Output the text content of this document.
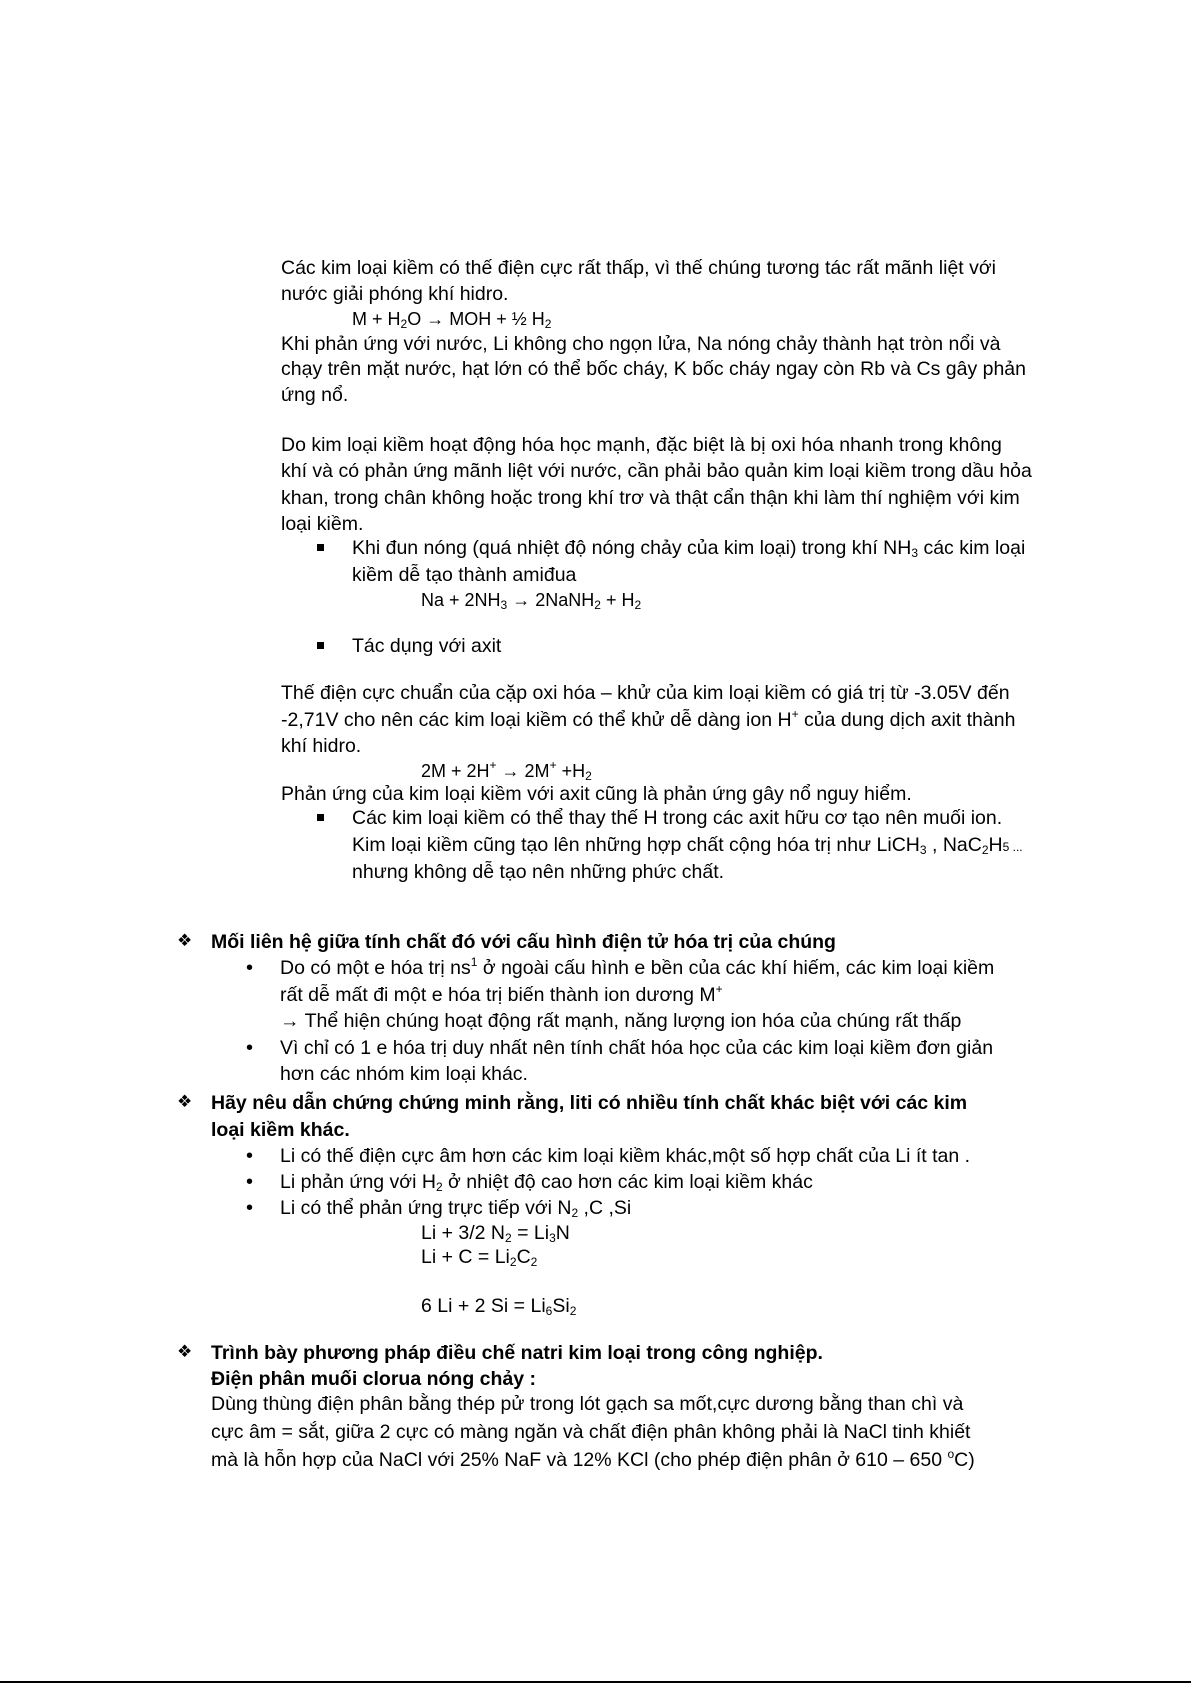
Các kim loại kiềm có thế điện cực rất thấp, vì thế chúng tương tác rất mãnh liệt với
nước giải phóng khí hidro.
$M + H_2O$ → MOH + ½ $H_2$
Khi phản ứng với nước, Li không cho ngọn lửa, Na nóng chảy thành hạt tròn nổi và
chạy trên mặt nước, hạt lớn có thể bốc cháy, K bốc cháy ngay còn Rb và Cs gây phản
ứng nổ.
Do kim loại kiềm hoạt động hóa học mạnh, đặc biệt là bị oxi hóa nhanh trong không
khí và có phản ứng mãnh liệt với nước, cần phải bảo quản kim loại kiềm trong dầu hỏa
khan, trong chân không hoặc trong khí trơ và thật cẩn thận khi làm thí nghiệm với kim
loại kiềm.
Khi đun nóng (quá nhiệt độ nóng chảy của kim loại) trong khí $NH_3$ các kim loại
kiềm dễ tạo thành amiđua
$Na + 2NH_3$ → 2NaNH$_2$ + $H_2$
Tác dụng với axit
Thế điện cực chuẩn của cặp oxi hóa – khử của kim loại kiềm có giá trị từ -3.05V đến
-2,71V cho nên các kim loại kiềm có thể khử dễ dàng ion H+ của dung dịch axit thành
khí hidro.
$2M + 2H^+ \to 2M^+ +H_2$
Phản ứng của kim loại kiềm với axit cũng là phản ứng gây nổ nguy hiểm.
Các kim loại kiềm có thể thay thế H trong các axit hữu cơ tạo nên muối ion.
Kim loại kiềm cũng tạo lên những hợp chất cộng hóa trị như LiCH$_3$ , NaC$_2$H5 ...
nhưng không dễ tạo nên những phức chất.
❖ Mối liên hệ giữa tính chất đó với cấu hình điện tử hóa trị của chúng
• Do có một e hóa trị $ns^1$ ở ngoài cấu hình e bền của các khí hiếm, các kim loại kiềm
rất dễ mất đi một e hóa trị biến thành ion dương M+
→ Thể hiện chúng hoạt động rất mạnh, năng lượng ion hóa của chúng rất thấp
• Vì chỉ có 1 e hóa trị duy nhất nên tính chất hóa học của các kim loại kiềm đơn giản
hơn các nhóm kim loại khác.
❖ Hãy nêu dẫn chứng chứng minh rằng, liti có nhiều tính chất khác biệt với các kim
loại kiềm khác.
• Li có thế điện cực âm hơn các kim loại kiềm khác,một số hợp chất của Li ít tan .
• Li phản ứng với $H_2$ ở nhiệt độ cao hơn các kim loại kiềm khác
• Li có thể phản ứng trực tiếp với $N_2$ ,C ,Si
Li + 3/2 $N_2 = Li_3N$
$Li + C = Li_2C_2$
6 Li + 2 $Si = Li_6Si_2$
❖ Trình bày phương pháp điều chế natri kim loại trong công nghiệp.
Điện phân muối clorua nóng chảy :
Dùng thùng điện phân bằng thép pử trong lót gạch sa mốt,cực dương bằng than chì và
cực âm = sắt, giữa 2 cực có màng ngăn và chất điện phân không phải là NaCl tinh khiết
mà là hỗn hợp của NaCl với 25% NaF và 12% KCl (cho phép điện phân ở 610 – 650 $^o$C)
